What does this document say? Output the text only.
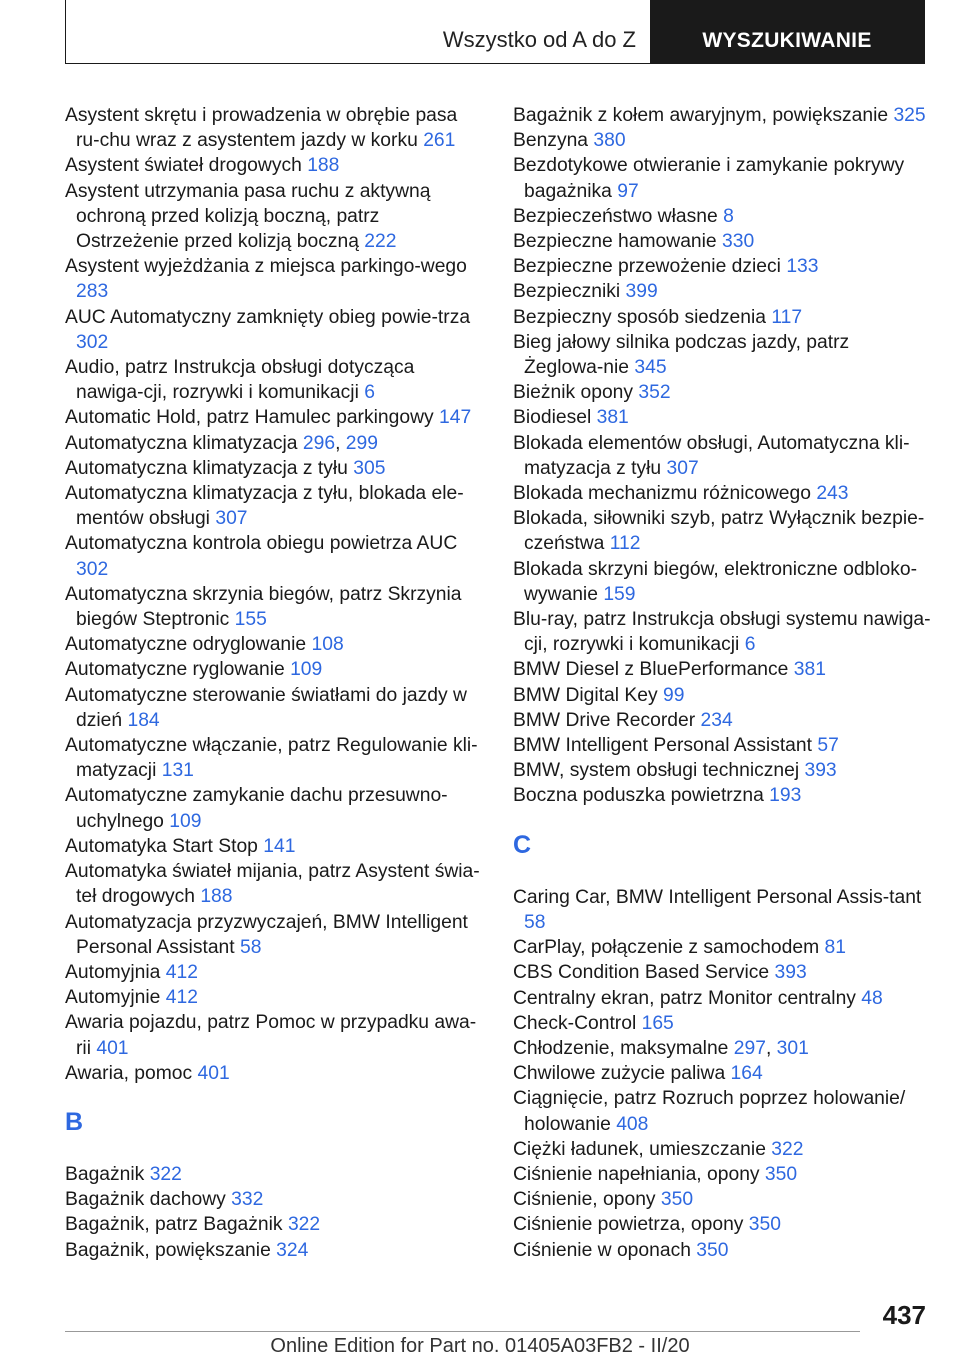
Wszystko od A do Z	WYSZUKIWANIE
Asystent skrętu i prowadzenia w obrębie pasa ru‐chu wraz z asystentem jazdy w korku 261
Asystent świateł drogowych 188
Asystent utrzymania pasa ruchu z aktywną ochroną przed kolizją boczną, patrz Ostrzeżenie przed kolizją boczną 222
Asystent wyjeżdżania z miejsca parkingo‐wego 283
AUC Automatyczny zamknięty obieg powie‐trza 302
Audio, patrz Instrukcja obsługi dotycząca nawiga‐cji, rozrywki i komunikacji 6
Automatic Hold, patrz Hamulec parkingowy 147
Automatyczna klimatyzacja 296, 299
Automatyczna klimatyzacja z tyłu 305
Automatyczna klimatyzacja z tyłu, blokada ele‐mentów obsługi 307
Automatyczna kontrola obiegu powietrza AUC 302
Automatyczna skrzynia biegów, patrz Skrzynia biegów Steptronic 155
Automatyczne odryglowanie 108
Automatyczne ryglowanie 109
Automatyczne sterowanie światłami do jazdy w dzień 184
Automatyczne włączanie, patrz Regulowanie kli‐matyzacji 131
Automatyczne zamykanie dachu przesuwno‐uchylnego 109
Automatyka Start Stop 141
Automatyka świateł mijania, patrz Asystent świa‐teł drogowych 188
Automatyzacja przyzwyczajeń, BMW Intelligent Personal Assistant 58
Automyjnia 412
Automyjnie 412
Awaria pojazdu, patrz Pomoc w przypadku awa‐rii 401
Awaria, pomoc 401
B
Bagażnik 322
Bagażnik dachowy 332
Bagażnik, patrz Bagażnik 322
Bagażnik, powiększanie 324
Bagażnik z kołem awaryjnym, powiększanie 325
Benzyna 380
Bezdotykowe otwieranie i zamykanie pokrywy bagażnika 97
Bezpieczeństwo własne 8
Bezpieczne hamowanie 330
Bezpieczne przewożenie dzieci 133
Bezpieczniki 399
Bezpieczny sposób siedzenia 117
Bieg jałowy silnika podczas jazdy, patrz Żeglowa‐nie 345
Bieżnik opony 352
Biodiesel 381
Blokada elementów obsługi, Automatyczna kli‐matyzacja z tyłu 307
Blokada mechanizmu różnicowego 243
Blokada, siłowniki szyb, patrz Wyłącznik bezpie‐czeństwa 112
Blokada skrzyni biegów, elektroniczne odbloko‐wywanie 159
Blu-ray, patrz Instrukcja obsługi systemu nawiga‐cji, rozrywki i komunikacji 6
BMW Diesel z BluePerformance 381
BMW Digital Key 99
BMW Drive Recorder 234
BMW Intelligent Personal Assistant 57
BMW, system obsługi technicznej 393
Boczna poduszka powietrzna 193
C
Caring Car, BMW Intelligent Personal Assis‐tant 58
CarPlay, połączenie z samochodem 81
CBS Condition Based Service 393
Centralny ekran, patrz Monitor centralny 48
Check-Control 165
Chłodzenie, maksymalne 297, 301
Chwilowe zużycie paliwa 164
Ciągnięcie, patrz Rozruch poprzez holowanie/ holowanie 408
Ciężki ładunek, umieszczanie 322
Ciśnienie napełniania, opony 350
Ciśnienie, opony 350
Ciśnienie powietrza, opony 350
Ciśnienie w oponach 350
437
Online Edition for Part no. 01405A03FB2 - II/20
